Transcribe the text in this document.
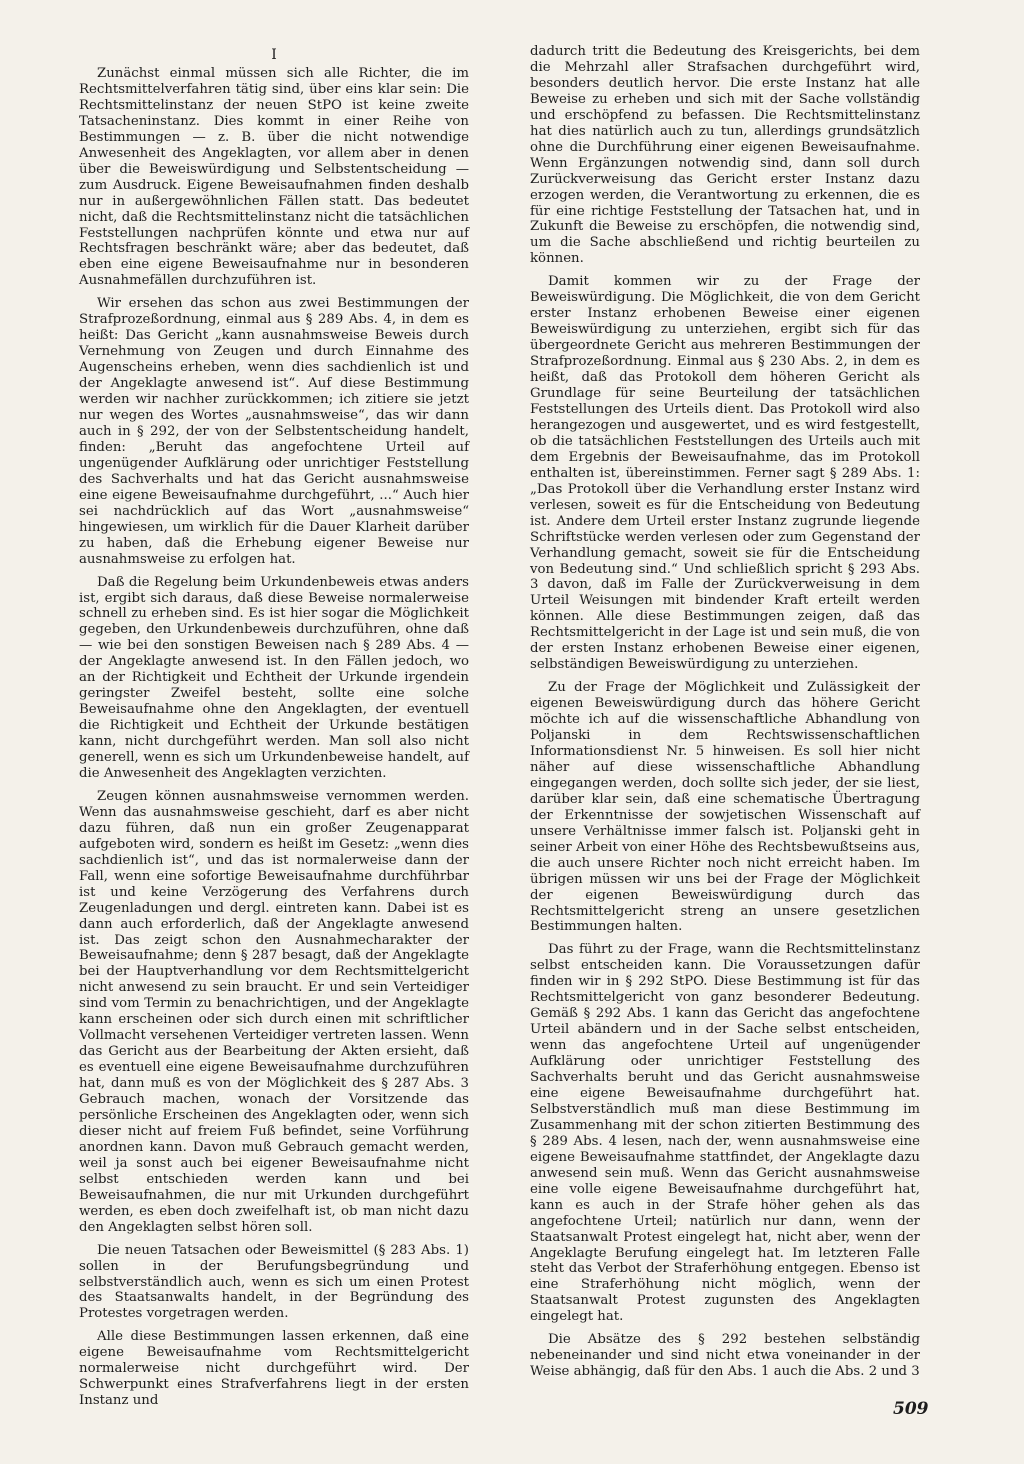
I

Zunächst einmal müssen sich alle Richter, die im Rechtsmittelverfahren tätig sind, über eins klar sein: Die Rechtsmittelinstanz der neuen StPO ist keine zweite Tatsacheninstanz. Dies kommt in einer Reihe von Bestimmungen — z. B. über die nicht notwendige Anwesenheit des Angeklagten, vor allem aber in denen über die Beweiswürdigung und Selbstentscheidung — zum Ausdruck. Eigene Beweisaufnahmen finden deshalb nur in außergewöhnlichen Fällen statt. Das bedeutet nicht, daß die Rechtsmittelinstanz nicht die tatsächlichen Feststellungen nachprüfen könnte und etwa nur auf Rechtsfragen beschränkt wäre; aber das bedeutet, daß eben eine eigene Beweisaufnahme nur in besonderen Ausnahmefällen durchzuführen ist.

Wir ersehen das schon aus zwei Bestimmungen der Strafprozeßordnung, einmal aus § 289 Abs. 4, in dem es heißt: Das Gericht „kann ausnahmsweise Beweis durch Vernehmung von Zeugen und durch Einnahme des Augenscheins erheben, wenn dies sachdienlich ist und der Angeklagte anwesend ist“. Auf diese Bestimmung werden wir nachher zurückkommen; ich zitiere sie jetzt nur wegen des Wortes „ausnahmsweise“, das wir dann auch in § 292, der von der Selbstentscheidung handelt, finden: „Beruht das angefochtene Urteil auf ungenügender Aufklärung oder unrichtiger Feststellung des Sachverhalts und hat das Gericht ausnahmsweise eine eigene Beweisaufnahme durchgeführt, ...“ Auch hier sei nachdrücklich auf das Wort „ausnahmsweise“ hingewiesen, um wirklich für die Dauer Klarheit darüber zu haben, daß die Erhebung eigener Beweise nur ausnahmsweise zu erfolgen hat.

Daß die Regelung beim Urkundenbeweis etwas anders ist, ergibt sich daraus, daß diese Beweise normalerweise schnell zu erheben sind. Es ist hier sogar die Möglichkeit gegeben, den Urkundenbeweis durchzuführen, ohne daß — wie bei den sonstigen Beweisen nach § 289 Abs. 4 — der Angeklagte anwesend ist. In den Fällen jedoch, wo an der Richtigkeit und Echtheit der Urkunde irgendein geringster Zweifel besteht, sollte eine solche Beweisaufnahme ohne den Angeklagten, der eventuell die Richtigkeit und Echtheit der Urkunde bestätigen kann, nicht durchgeführt werden. Man soll also nicht generell, wenn es sich um Urkundenbeweise handelt, auf die Anwesenheit des Angeklagten verzichten.

Zeugen können ausnahmsweise vernommen werden. Wenn das ausnahmsweise geschieht, darf es aber nicht dazu führen, daß nun ein großer Zeugenapparat aufgeboten wird, sondern es heißt im Gesetz: „wenn dies sachdienlich ist“, und das ist normalerweise dann der Fall, wenn eine sofortige Beweisaufnahme durchführbar ist und keine Verzögerung des Verfahrens durch Zeugenladungen und dergl. eintreten kann. Dabei ist es dann auch erforderlich, daß der Angeklagte anwesend ist. Das zeigt schon den Ausnahmecharakter der Beweisaufnahme; denn § 287 besagt, daß der Angeklagte bei der Hauptverhandlung vor dem Rechtsmittelgericht nicht anwesend zu sein braucht. Er und sein Verteidiger sind vom Termin zu benachrichtigen, und der Angeklagte kann erscheinen oder sich durch einen mit schriftlicher Vollmacht versehenen Verteidiger vertreten lassen. Wenn das Gericht aus der Bearbeitung der Akten ersieht, daß es eventuell eine eigene Beweisaufnahme durchzuführen hat, dann muß es von der Möglichkeit des § 287 Abs. 3 Gebrauch machen, wonach der Vorsitzende das persönliche Erscheinen des Angeklagten oder, wenn sich dieser nicht auf freiem Fuß befindet, seine Vorführung anordnen kann. Davon muß Gebrauch gemacht werden, weil ja sonst auch bei eigener Beweisaufnahme nicht selbst entschieden werden kann und bei Beweisaufnahmen, die nur mit Urkunden durchgeführt werden, es eben doch zweifelhaft ist, ob man nicht dazu den Angeklagten selbst hören soll.

Die neuen Tatsachen oder Beweismittel (§ 283 Abs. 1) sollen in der Berufungsbegründung und selbstverständlich auch, wenn es sich um einen Protest des Staatsanwalts handelt, in der Begründung des Protestes vorgetragen werden.

Alle diese Bestimmungen lassen erkennen, daß eine eigene Beweisaufnahme vom Rechtsmittelgericht normalerweise nicht durchgeführt wird. Der Schwerpunkt eines Strafverfahrens liegt in der ersten Instanz und

dadurch tritt die Bedeutung des Kreisgerichts, bei dem die Mehrzahl aller Strafsachen durchgeführt wird, besonders deutlich hervor. Die erste Instanz hat alle Beweise zu erheben und sich mit der Sache vollständig und erschöpfend zu befassen. Die Rechtsmittelinstanz hat dies natürlich auch zu tun, allerdings grundsätzlich ohne die Durchführung einer eigenen Beweisaufnahme. Wenn Ergänzungen notwendig sind, dann soll durch Zurückverweisung das Gericht erster Instanz dazu erzogen werden, die Verantwortung zu erkennen, die es für eine richtige Feststellung der Tatsachen hat, und in Zukunft die Beweise zu erschöpfen, die notwendig sind, um die Sache abschließend und richtig beurteilen zu können.

Damit kommen wir zu der Frage der Beweiswürdigung. Die Möglichkeit, die von dem Gericht erster Instanz erhobenen Beweise einer eigenen Beweiswürdigung zu unterziehen, ergibt sich für das übergeordnete Gericht aus mehreren Bestimmungen der Strafprozeßordnung. Einmal aus § 230 Abs. 2, in dem es heißt, daß das Protokoll dem höheren Gericht als Grundlage für seine Beurteilung der tatsächlichen Feststellungen des Urteils dient. Das Protokoll wird also herangezogen und ausgewertet, und es wird festgestellt, ob die tatsächlichen Feststellungen des Urteils auch mit dem Ergebnis der Beweisaufnahme, das im Protokoll enthalten ist, übereinstimmen. Ferner sagt § 289 Abs. 1: „Das Protokoll über die Verhandlung erster Instanz wird verlesen, soweit es für die Entscheidung von Bedeutung ist. Andere dem Urteil erster Instanz zugrunde liegende Schriftstücke werden verlesen oder zum Gegenstand der Verhandlung gemacht, soweit sie für die Entscheidung von Bedeutung sind.“ Und schließlich spricht § 293 Abs. 3 davon, daß im Falle der Zurückverweisung in dem Urteil Weisungen mit bindender Kraft erteilt werden können. Alle diese Bestimmungen zeigen, daß das Rechtsmittelgericht in der Lage ist und sein muß, die von der ersten Instanz erhobenen Beweise einer eigenen, selbständigen Beweiswürdigung zu unterziehen.

Zu der Frage der Möglichkeit und Zulässigkeit der eigenen Beweiswürdigung durch das höhere Gericht möchte ich auf die wissenschaftliche Abhandlung von Poljanski in dem Rechtswissenschaftlichen Informationsdienst Nr. 5 hinweisen. Es soll hier nicht näher auf diese wissenschaftliche Abhandlung eingegangen werden, doch sollte sich jeder, der sie liest, darüber klar sein, daß eine schematische Übertragung der Erkenntnisse der sowjetischen Wissenschaft auf unsere Verhältnisse immer falsch ist. Poljanski geht in seiner Arbeit von einer Höhe des Rechtsbewußtseins aus, die auch unsere Richter noch nicht erreicht haben. Im übrigen müssen wir uns bei der Frage der Möglichkeit der eigenen Beweiswürdigung durch das Rechtsmittelgericht streng an unsere gesetzlichen Bestimmungen halten.

Das führt zu der Frage, wann die Rechtsmittelinstanz selbst entscheiden kann. Die Voraussetzungen dafür finden wir in § 292 StPO. Diese Bestimmung ist für das Rechtsmittelgericht von ganz besonderer Bedeutung. Gemäß § 292 Abs. 1 kann das Gericht das angefochtene Urteil abändern und in der Sache selbst entscheiden, wenn das angefochtene Urteil auf ungenügender Aufklärung oder unrichtiger Feststellung des Sachverhalts beruht und das Gericht ausnahmsweise eine eigene Beweisaufnahme durchgeführt hat. Selbstverständlich muß man diese Bestimmung im Zusammenhang mit der schon zitierten Bestimmung des § 289 Abs. 4 lesen, nach der, wenn ausnahmsweise eine eigene Beweisaufnahme stattfindet, der Angeklagte dazu anwesend sein muß. Wenn das Gericht ausnahmsweise eine volle eigene Beweisaufnahme durchgeführt hat, kann es auch in der Strafe höher gehen als das angefochtene Urteil; natürlich nur dann, wenn der Staatsanwalt Protest eingelegt hat, nicht aber, wenn der Angeklagte Berufung eingelegt hat. Im letzteren Falle steht das Verbot der Straferhöhung entgegen. Ebenso ist eine Straferhöhung nicht möglich, wenn der Staatsanwalt Protest zugunsten des Angeklagten eingelegt hat.

Die Absätze des § 292 bestehen selbständig nebeneinander und sind nicht etwa voneinander in der Weise abhängig, daß für den Abs. 1 auch die Abs. 2 und 3

509
